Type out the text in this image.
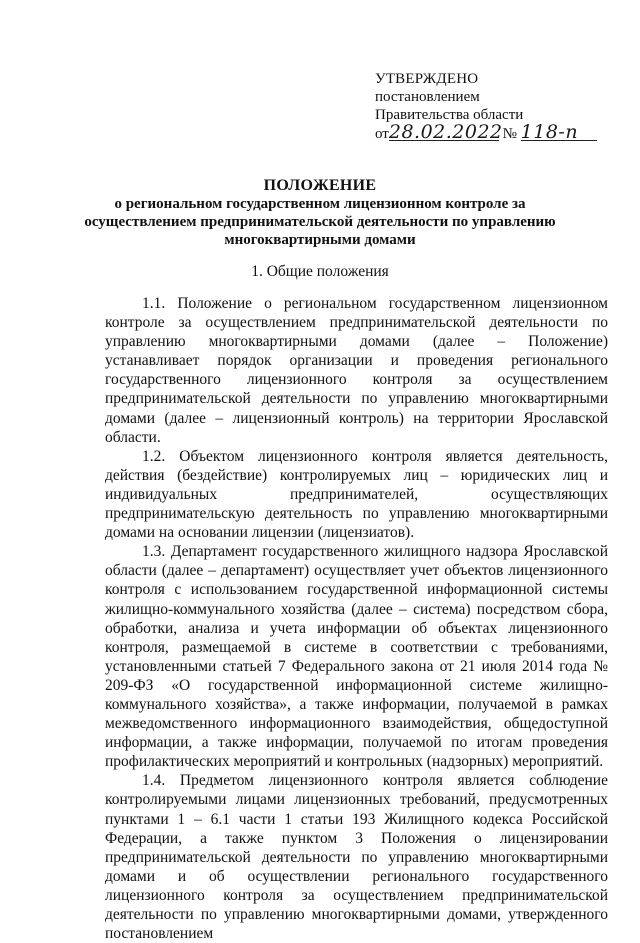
УТВЕРЖДЕНО
постановлением
Правительства области
от28.02.2022 № 118-п
ПОЛОЖЕНИЕ
о региональном государственном лицензионном контроле за осуществлением предпринимательской деятельности по управлению многоквартирными домами
1. Общие положения

1.1. Положение о региональном государственном лицензионном контроле за осуществлением предпринимательской деятельности по управлению многоквартирными домами (далее – Положение) устанавливает порядок организации и проведения регионального государственного лицензионного контроля за осуществлением предпринимательской деятельности по управлению многоквартирными домами (далее – лицензионный контроль) на территории Ярославской области.

1.2. Объектом лицензионного контроля является деятельность, действия (бездействие) контролируемых лиц – юридических лиц и индивидуальных предпринимателей, осуществляющих предпринимательскую деятельность по управлению многоквартирными домами на основании лицензии (лицензиатов).

1.3. Департамент государственного жилищного надзора Ярославской области (далее – департамент) осуществляет учет объектов лицензионного контроля с использованием государственной информационной системы жилищно-коммунального хозяйства (далее – система) посредством сбора, обработки, анализа и учета информации об объектах лицензионного контроля, размещаемой в системе в соответствии с требованиями, установленными статьей 7 Федерального закона от 21 июля 2014 года № 209-ФЗ «О государственной информационной системе жилищно-коммунального хозяйства», а также информации, получаемой в рамках межведомственного информационного взаимодействия, общедоступной информации, а также информации, получаемой по итогам проведения профилактических мероприятий и контрольных (надзорных) мероприятий.

1.4. Предметом лицензионного контроля является соблюдение контролируемыми лицами лицензионных требований, предусмотренных пунктами 1 – 6.1 части 1 статьи 193 Жилищного кодекса Российской Федерации, а также пунктом 3 Положения о лицензировании предпринимательской деятельности по управлению многоквартирными домами и об осуществлении регионального государственного лицензионного контроля за осуществлением предпринимательской деятельности по управлению многоквартирными домами, утвержденного постановлением
